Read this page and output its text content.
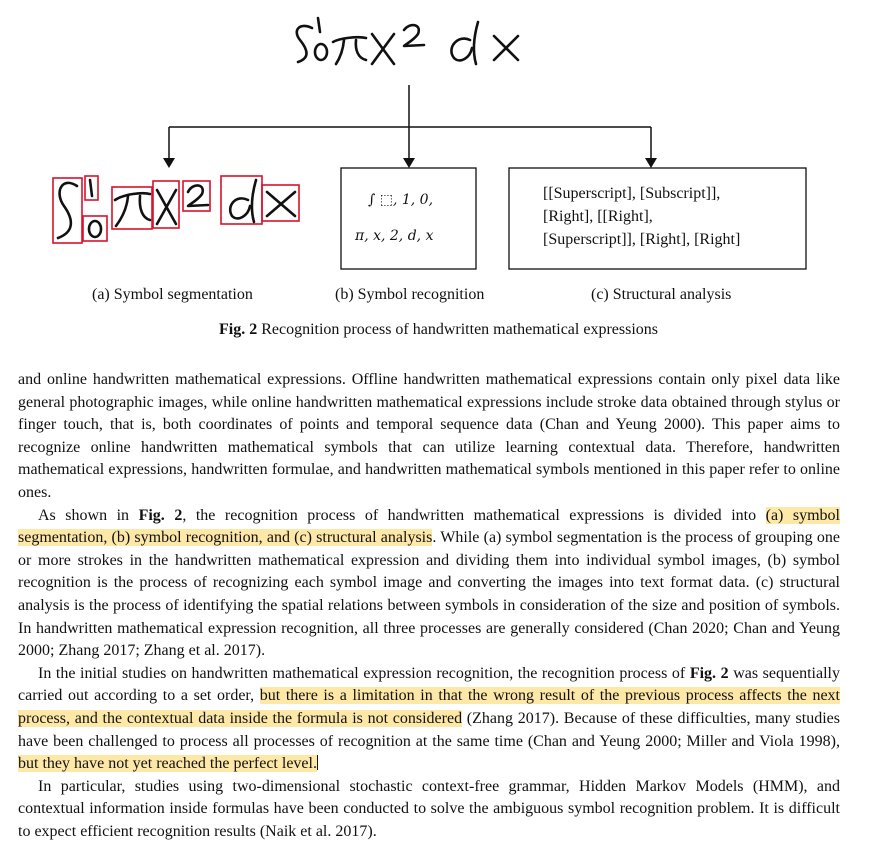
∫ ⬚, 1, 0,
π, x, 2, d, x
[[Superscript], [Subscript]],
[Right], [[Right],
[Superscript]], [Right], [Right]
(a) Symbol segmentation	(b) Symbol recognition	(c) Structural analysis
Fig. 2 Recognition process of handwritten mathematical expressions

and online handwritten mathematical expressions. Offline handwritten mathematical expressions contain only pixel data like general photographic images, while online handwritten mathematical expressions include stroke data obtained through stylus or finger touch, that is, both coordinates of points and temporal sequence data (Chan and Yeung 2000). This paper aims to recognize online handwritten mathematical symbols that can utilize learning contextual data. Therefore, handwritten mathematical expressions, handwritten formulae, and handwritten mathematical symbols mentioned in this paper refer to online ones.

As shown in Fig. 2, the recognition process of handwritten mathematical expressions is divided into (a) symbol segmentation, (b) symbol recognition, and (c) structural analysis. While (a) symbol segmentation is the process of grouping one or more strokes in the handwritten mathematical expression and dividing them into individual symbol images, (b) symbol recognition is the process of recognizing each symbol image and converting the images into text format data. (c) structural analysis is the process of identifying the spatial relations between symbols in consideration of the size and position of symbols. In handwritten mathematical expression recognition, all three processes are generally considered (Chan 2020; Chan and Yeung 2000; Zhang 2017; Zhang et al. 2017).

In the initial studies on handwritten mathematical expression recognition, the recognition process of Fig. 2 was sequentially carried out according to a set order, but there is a limitation in that the wrong result of the previous process affects the next process, and the contextual data inside the formula is not considered (Zhang 2017). Because of these difficulties, many studies have been challenged to process all processes of recognition at the same time (Chan and Yeung 2000; Miller and Viola 1998), but they have not yet reached the perfect level.

In particular, studies using two-dimensional stochastic context-free grammar, Hidden Markov Models (HMM), and contextual information inside formulas have been conducted to solve the ambiguous symbol recognition problem. It is difficult to expect efficient recognition results (Naik et al. 2017).
